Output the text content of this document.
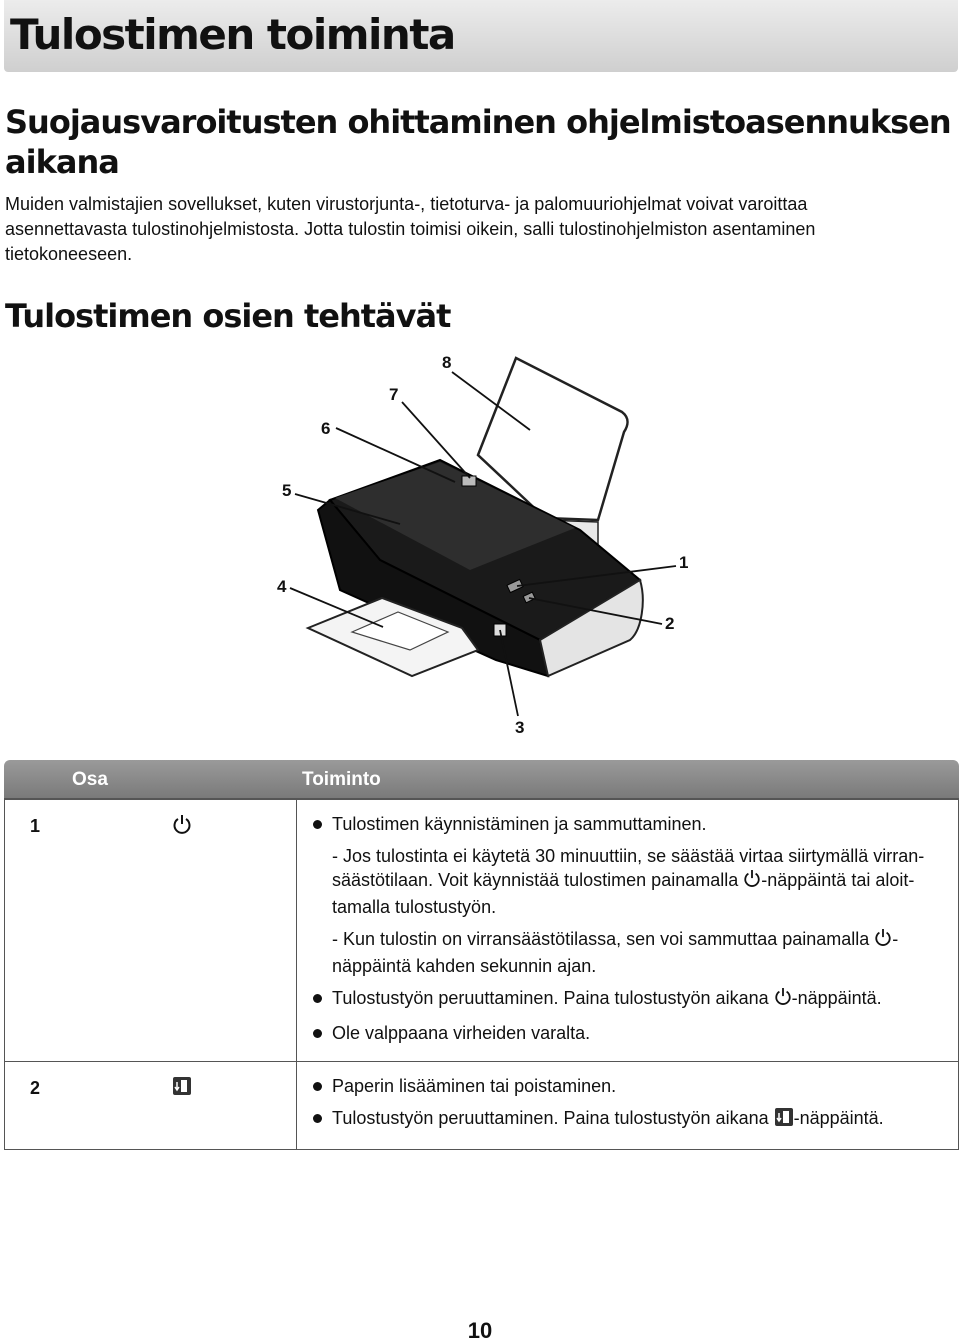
Tulostimen toiminta
Suojausvaroitusten ohittaminen ohjelmistoasennuksen
aikana

Muiden valmistajien sovellukset, kuten virustorjunta-, tietoturva- ja palomuuriohjelmat voivat varoittaa
asennettavasta tulostinohjelmistosta. Jotta tulostin toimisi oikein, salli tulostinohjelmiston asentaminen
tietokoneeseen.

Tulostimen osien tehtävät
1
2
3
4
5
6
7
8
Osa	Toiminto
1	Tulostimen käynnistäminen ja sammuttaminen.
- Jos tulostinta ei käytetä 30 minuuttiin, se säästää virtaa siirtymällä virran-
säästötilaan. Voit käynnistää tulostimen painamalla -näppäintä tai aloit-
tamalla tulostustyön.
- Kun tulostin on virransäästötilassa, sen voi sammuttaa painamalla -
näppäintä kahden sekunnin ajan.
Tulostustyön peruuttaminen. Paina tulostustyön aikana -näppäintä.
Ole valppaana virheiden varalta.
2	Paperin lisääminen tai poistaminen.
Tulostustyön peruuttaminen. Paina tulostustyön aikana -näppäintä.
10
